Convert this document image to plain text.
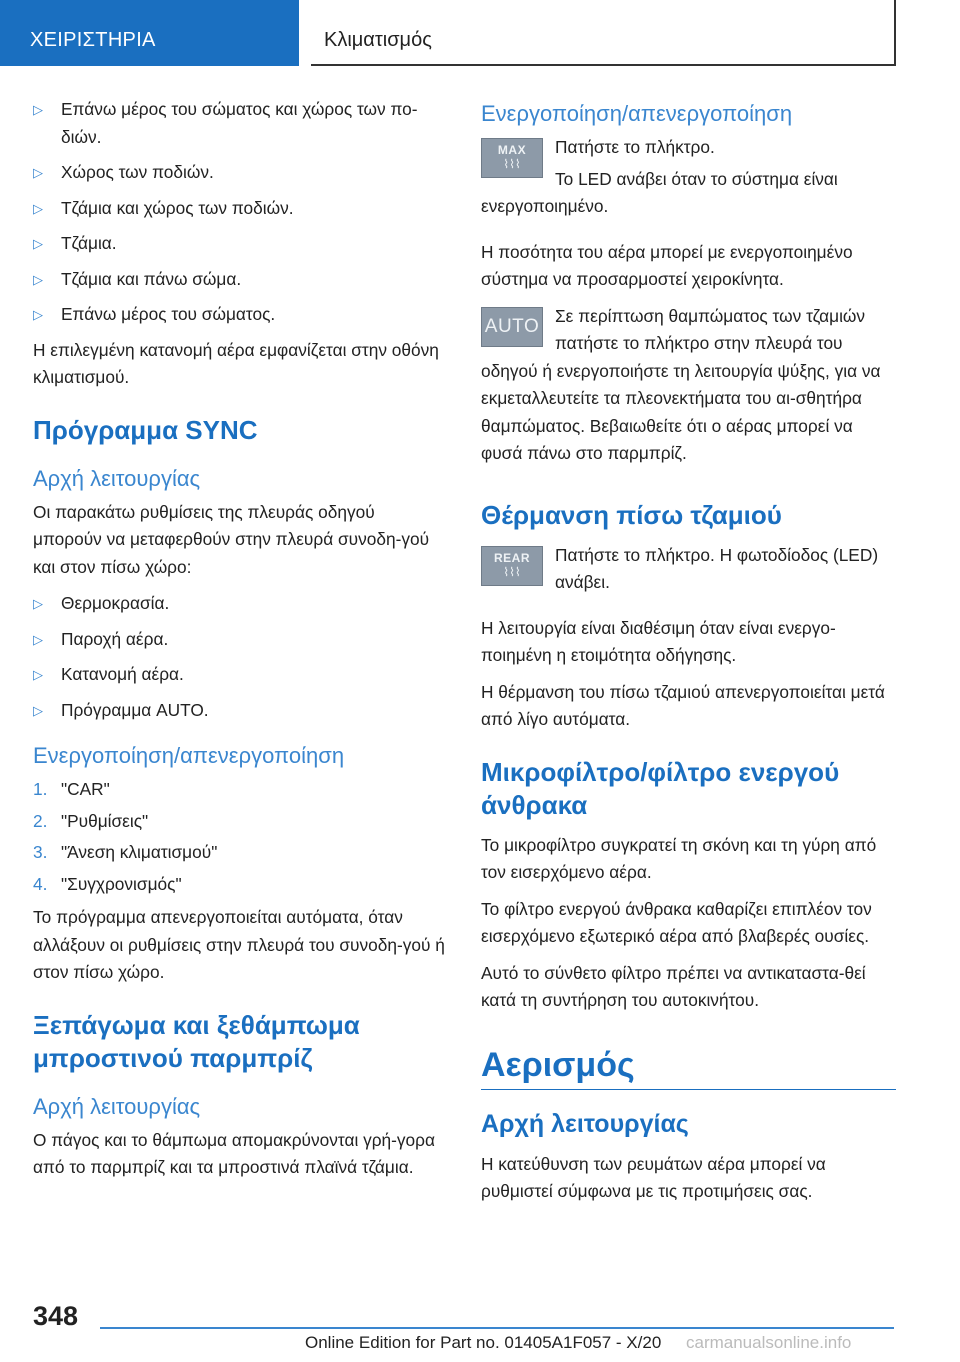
ΧΕΙΡΙΣΤΗΡΙΑ	Κλιματισμός
▷ Επάνω μέρος του σώματος και χώρος των πο-
διών.
▷ Χώρος των ποδιών.
▷ Τζάμια και χώρος των ποδιών.
▷ Τζάμια.
▷ Τζάμια και πάνω σώμα.
▷ Επάνω μέρος του σώματος.

Η επιλεγμένη κατανομή αέρα εμφανίζεται στην οθόνη κλιματισμού.

Πρόγραμμα SYNC
Αρχή λειτουργίας

Οι παρακάτω ρυθμίσεις της πλευράς οδηγού μπορούν να μεταφερθούν στην πλευρά συνοδη-γού και στον πίσω χώρο:

▷ Θερμοκρασία.
▷ Παροχή αέρα.
▷ Κατανομή αέρα.
▷ Πρόγραμμα AUTO.
Ενεργοποίηση/απενεργοποίηση
1. "CAR"
2. "Ρυθμίσεις"
3. "Άνεση κλιματισμού"
4. "Συγχρονισμός"

Το πρόγραμμα απενεργοποιείται αυτόματα, όταν αλλάξουν οι ρυθμίσεις στην πλευρά του συνοδη-γού ή στον πίσω χώρο.

Ξεπάγωμα και ξεθάμπωμα μπροστινού παρμπρίζ
Αρχή λειτουργίας

Ο πάγος και το θάμπωμα απομακρύνονται γρή-γορα από το παρμπρίζ και τα μπροστινά πλαϊνά τζάμια.

Ενεργοποίηση/απενεργοποίηση
MAX
⌇⌇⌇

Πατήστε το πλήκτρο.

Το LED ανάβει όταν το σύστημα είναι ενεργοποιημένο.

Η ποσότητα του αέρα μπορεί με ενεργοποιημένο σύστημα να προσαρμοστεί χειροκίνητα.

AUTO Σε περίπτωση θαμπώματος των τζαμιών πατήστε το πλήκτρο στην πλευρά του οδηγού ή ενεργοποιήστε τη λειτουργία ψύξης, για να εκμεταλλευτείτε τα πλεονεκτήματα του αι-σθητήρα θαμπώματος. Βεβαιωθείτε ότι ο αέρας μπορεί να φυσά πάνω στο παρμπρίζ.

Θέρμανση πίσω τζαμιού
REAR
⌇⌇⌇

Πατήστε το πλήκτρο. Η φωτοδίοδος (LED) ανάβει.

Η λειτουργία είναι διαθέσιμη όταν είναι ενεργο-ποιημένη η ετοιμότητα οδήγησης.

Η θέρμανση του πίσω τζαμιού απενεργοποιείται μετά από λίγο αυτόματα.

Μικροφίλτρο/φίλτρο ενεργού άνθρακα

Το μικροφίλτρο συγκρατεί τη σκόνη και τη γύρη από τον εισερχόμενο αέρα.

Το φίλτρο ενεργού άνθρακα καθαρίζει επιπλέον τον εισερχόμενο εξωτερικό αέρα από βλαβερές ουσίες.

Αυτό το σύνθετο φίλτρο πρέπει να αντικαταστα-θεί κατά τη συντήρηση του αυτοκινήτου.

Αερισμός
Αρχή λειτουργίας

Η κατεύθυνση των ρευμάτων αέρα μπορεί να ρυθμιστεί σύμφωνα με τις προτιμήσεις σας.

348
Online Edition for Part no. 01405A1F057 - X/20 carmanualsonline.info
